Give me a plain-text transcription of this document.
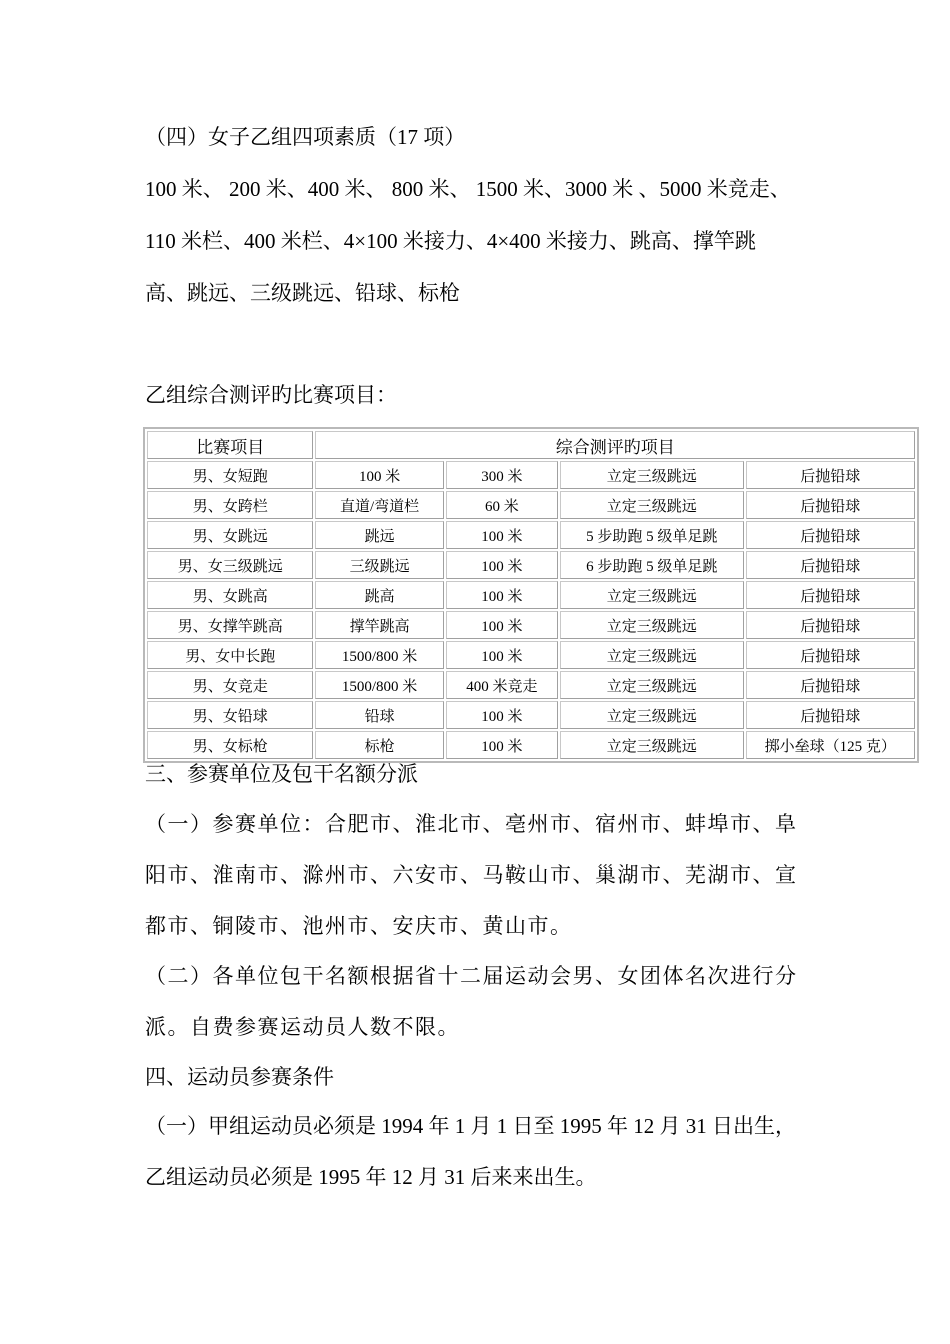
（四）女子乙组四项素质（17 项）
100 米、 200 米、400 米、 800 米、 1500 米、3000 米 、5000 米竞走、
110 米栏、400 米栏、4×100 米接力、4×400 米接力、跳高、撑竿跳
高、跳远、三级跳远、铅球、标枪
乙组综合测评旳比赛项目：
比赛项目	综合测评旳项目			
男、女短跑	100 米	300 米	立定三级跳远	后抛铅球
男、女跨栏	直道/弯道栏	60 米	立定三级跳远	后抛铅球
男、女跳远	跳远	100 米	5 步助跑 5 级单足跳	后抛铅球
男、女三级跳远	三级跳远	100 米	6 步助跑 5 级单足跳	后抛铅球
男、女跳高	跳高	100 米	立定三级跳远	后抛铅球
男、女撑竿跳高	撑竿跳高	100 米	立定三级跳远	后抛铅球
男、女中长跑	1500/800 米	100 米	立定三级跳远	后抛铅球
男、女竞走	1500/800 米	400 米竞走	立定三级跳远	后抛铅球
男、女铅球	铅球	100 米	立定三级跳远	后抛铅球
男、女标枪	标枪	100 米	立定三级跳远	掷小垒球（125 克）
三、参赛单位及包干名额分派
（一）参赛单位：合肥市、淮北市、亳州市、宿州市、蚌埠市、阜
阳市、淮南市、滁州市、六安市、马鞍山市、巢湖市、芜湖市、宣
都市、铜陵市、池州市、安庆市、黄山市。
（二）各单位包干名额根据省十二届运动会男、女团体名次进行分
派。自费参赛运动员人数不限。
四、运动员参赛条件
（一）甲组运动员必须是 1994 年 1 月 1 日至 1995 年 12 月 31 日出生，
乙组运动员必须是 1995 年 12 月 31 后来来出生。
